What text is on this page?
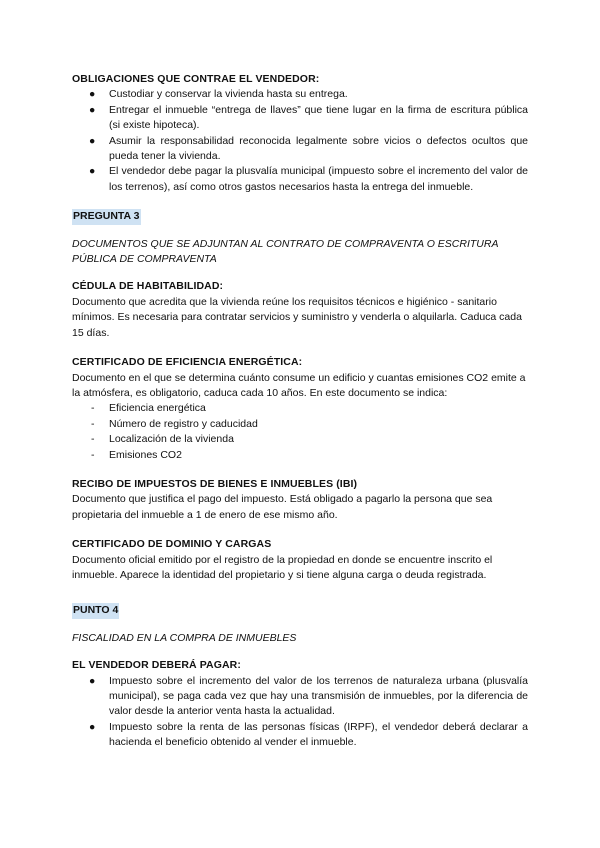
OBLIGACIONES QUE CONTRAE EL VENDEDOR:

● Custodiar y conservar la vivienda hasta su entrega.
● Entregar el inmueble “entrega de llaves” que tiene lugar en la firma de escritura pública (si existe hipoteca).
● Asumir la responsabilidad reconocida legalmente sobre vicios o defectos ocultos que pueda tener la vivienda.
● El vendedor debe pagar la plusvalía municipal (impuesto sobre el incremento del valor de los terrenos), así como otros gastos necesarios hasta la entrega del inmueble.

PREGUNTA 3

DOCUMENTOS QUE SE ADJUNTAN AL CONTRATO DE COMPRAVENTA O ESCRITURA PÚBLICA DE COMPRAVENTA

CÉDULA DE HABITABILIDAD:

Documento que acredita que la vivienda reúne los requisitos técnicos e higiénico - sanitario mínimos. Es necesaria para contratar servicios y suministro y venderla o alquilarla. Caduca cada 15 días.

CERTIFICADO DE EFICIENCIA ENERGÉTICA:

Documento en el que se determina cuánto consume un edificio y cuantas emisiones CO2 emite a la atmósfera, es obligatorio, caduca cada 10 años. En este documento se indica:

- Eficiencia energética
- Número de registro y caducidad
- Localización de la vivienda
- Emisiones CO2

RECIBO DE IMPUESTOS DE BIENES E INMUEBLES (IBI)

Documento que justifica el pago del impuesto. Está obligado a pagarlo la persona que sea propietaria del inmueble a 1 de enero de ese mismo año.

CERTIFICADO DE DOMINIO Y CARGAS

Documento oficial emitido por el registro de la propiedad en donde se encuentre inscrito el inmueble. Aparece la identidad del propietario y si tiene alguna carga o deuda registrada.

PUNTO 4

FISCALIDAD EN LA COMPRA DE INMUEBLES

EL VENDEDOR DEBERÁ PAGAR:

● Impuesto sobre el incremento del valor de los terrenos de naturaleza urbana (plusvalía municipal), se paga cada vez que hay una transmisión de inmuebles, por la diferencia de valor desde la anterior venta hasta la actualidad.
● Impuesto sobre la renta de las personas físicas (IRPF), el vendedor deberá declarar a hacienda el beneficio obtenido al vender el inmueble.
